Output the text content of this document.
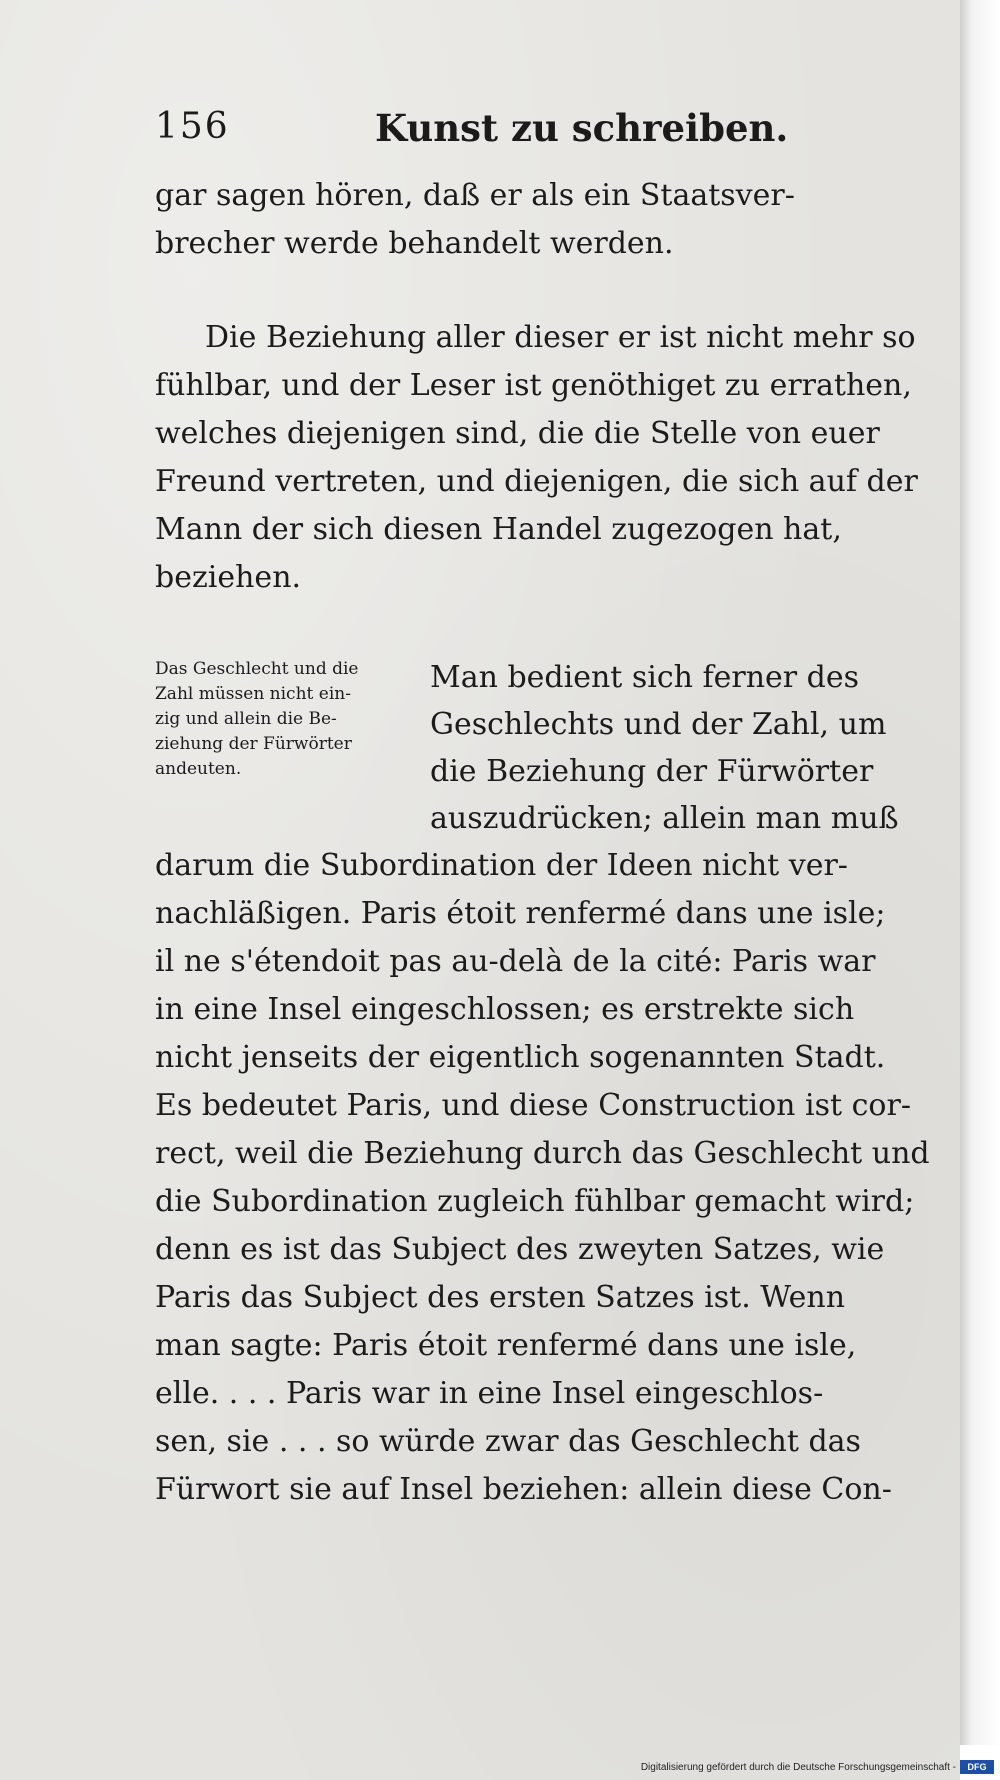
156	Kunst zu schreiben.
gar sagen hören, daß er als ein Staatsver-
brecher werde behandelt werden.
Die Beziehung aller dieser er ist nicht mehr so
fühlbar, und der Leser ist genöthiget zu errathen,
welches diejenigen sind, die die Stelle von euer
Freund vertreten, und diejenigen, die sich auf der
Mann der sich diesen Handel zugezogen hat,
beziehen.
Das Geschlecht und die
Zahl müssen nicht ein-
zig und allein die Be-
ziehung der Fürwörter
andeuten.
Man bedient sich ferner des
Geschlechts und der Zahl, um
die Beziehung der Fürwörter
auszudrücken; allein man muß
darum die Subordination der Ideen nicht ver-
nachläßigen. Paris étoit renfermé dans une isle;
il ne s'étendoit pas au-delà de la cité: Paris war
in eine Insel eingeschlossen; es erstrekte sich
nicht jenseits der eigentlich sogenannten Stadt.
Es bedeutet Paris, und diese Construction ist cor-
rect, weil die Beziehung durch das Geschlecht und
die Subordination zugleich fühlbar gemacht wird;
denn es ist das Subject des zweyten Satzes, wie
Paris das Subject des ersten Satzes ist. Wenn
man sagte: Paris étoit renfermé dans une isle,
elle. . . . Paris war in eine Insel eingeschlos-
sen, sie . . . so würde zwar das Geschlecht das
Fürwort sie auf Insel beziehen: allein diese Con-
Digitalisierung gefördert durch die Deutsche Forschungsgemeinschaft -	DFG
